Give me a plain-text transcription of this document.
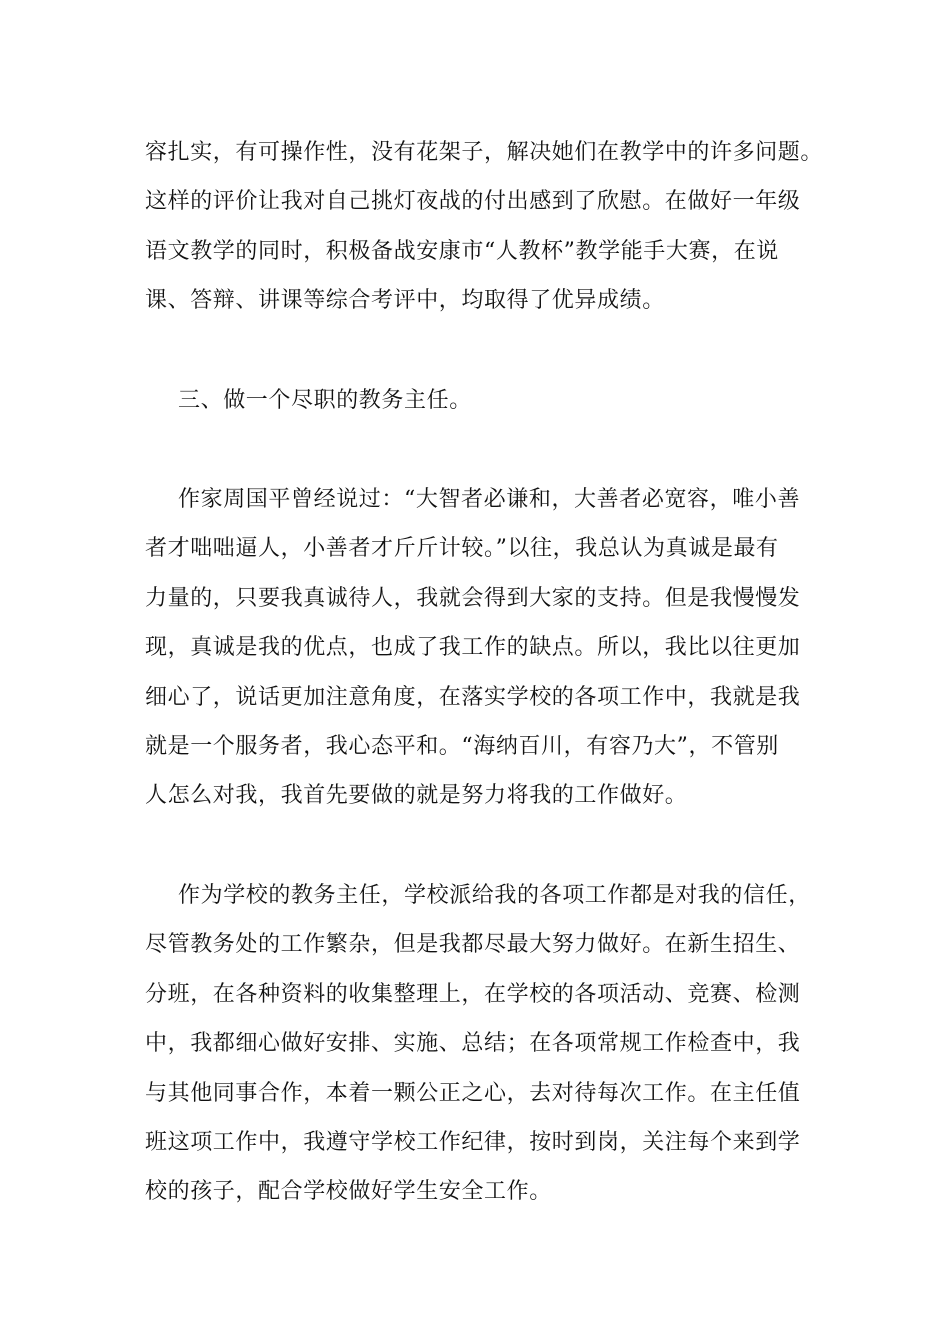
容扎实，有可操作性，没有花架子，解决她们在教学中的许多问题。
这样的评价让我对自己挑灯夜战的付出感到了欣慰。在做好一年级
语文教学的同时，积极备战安康市“人教杯”教学能手大赛，在说
课、答辩、讲课等综合考评中，均取得了优异成绩。
三、做一个尽职的教务主任。
作家周国平曾经说过：“大智者必谦和，大善者必宽容，唯小善
者才咄咄逼人，小善者才斤斤计较。”以往，我总认为真诚是最有
力量的，只要我真诚待人，我就会得到大家的支持。但是我慢慢发
现，真诚是我的优点，也成了我工作的缺点。所以，我比以往更加
细心了，说话更加注意角度，在落实学校的各项工作中，我就是我
就是一个服务者，我心态平和。“海纳百川，有容乃大”，不管别
人怎么对我，我首先要做的就是努力将我的工作做好。
作为学校的教务主任，学校派给我的各项工作都是对我的信任，
尽管教务处的工作繁杂，但是我都尽最大努力做好。在新生招生、
分班，在各种资料的收集整理上，在学校的各项活动、竞赛、检测
中，我都细心做好安排、实施、总结；在各项常规工作检查中，我
与其他同事合作，本着一颗公正之心，去对待每次工作。在主任值
班这项工作中，我遵守学校工作纪律，按时到岗，关注每个来到学
校的孩子，配合学校做好学生安全工作。
